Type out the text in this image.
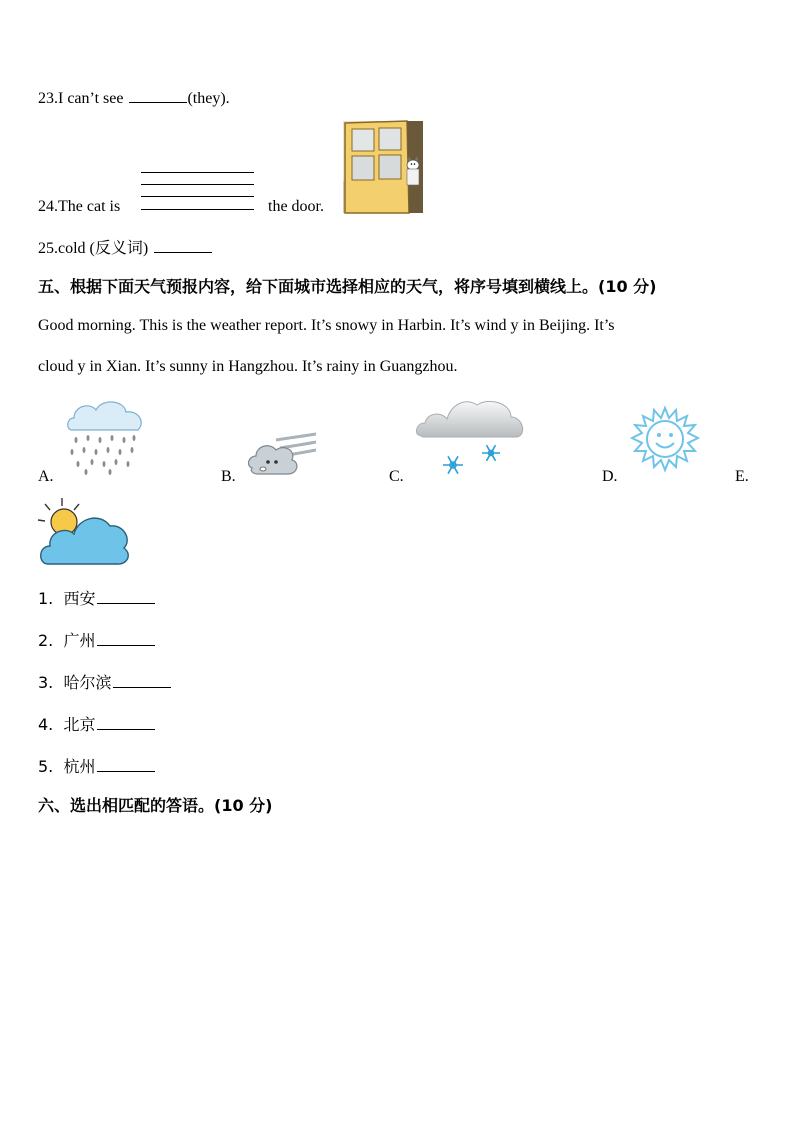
23.I can’t see	(they).
24.The cat is	the door.
25.cold (反义词)
五、根据下面天气预报内容，给下面城市选择相应的天气，将序号填到横线上。(10 分)
Good morning. This is the weather report. It’s snowy in Harbin. It’s wind y in Beijing. It’s
cloud y in Xian. It’s sunny in Hangzhou. It’s rainy in Guangzhou.
A.	B.	C.	D.	E.
1. 西安
2. 广州
3. 哈尔滨
4. 北京
5. 杭州
六、选出相匹配的答语。(10 分)
